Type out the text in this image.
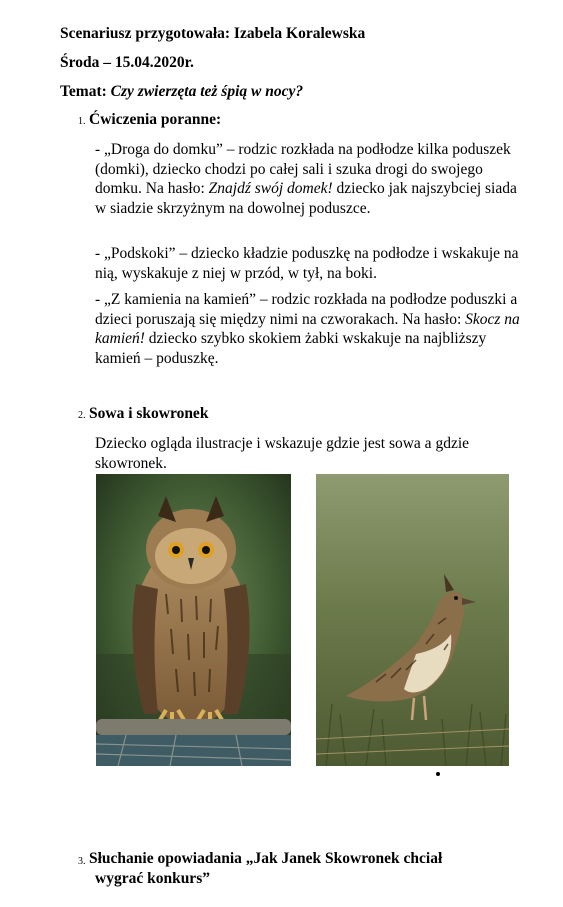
Scenariusz przygotowała: Izabela Koralewska
Środa – 15.04.2020r.
Temat: Czy zwierzęta też śpią w nocy?
1. Ćwiczenia poranne:
- „Droga do domku” – rodzic rozkłada na podłodze kilka poduszek (domki), dziecko chodzi po całej sali i szuka drogi do swojego domku. Na hasło: Znajdź swój domek! dziecko jak najszybciej siada w siadzie skrzyżnym na dowolnej poduszce.
- „Podskoki” – dziecko kładzie poduszkę na podłodze i wskakuje na nią, wyskakuje z niej w przód, w tył, na boki.
- „Z kamienia na kamień” – rodzic rozkłada na podłodze poduszki a dzieci poruszają się między nimi na czworakach. Na hasło: Skocz na kamień! dziecko szybko skokiem żabki wskakuje na najbliższy kamień – poduszkę.
2. Sowa i skowronek
Dziecko ogląda ilustracje i wskazuje gdzie jest sowa a gdzie skowronek.
3. Słuchanie opowiadania „Jak Janek Skowronek chciał
wygrać konkurs”
